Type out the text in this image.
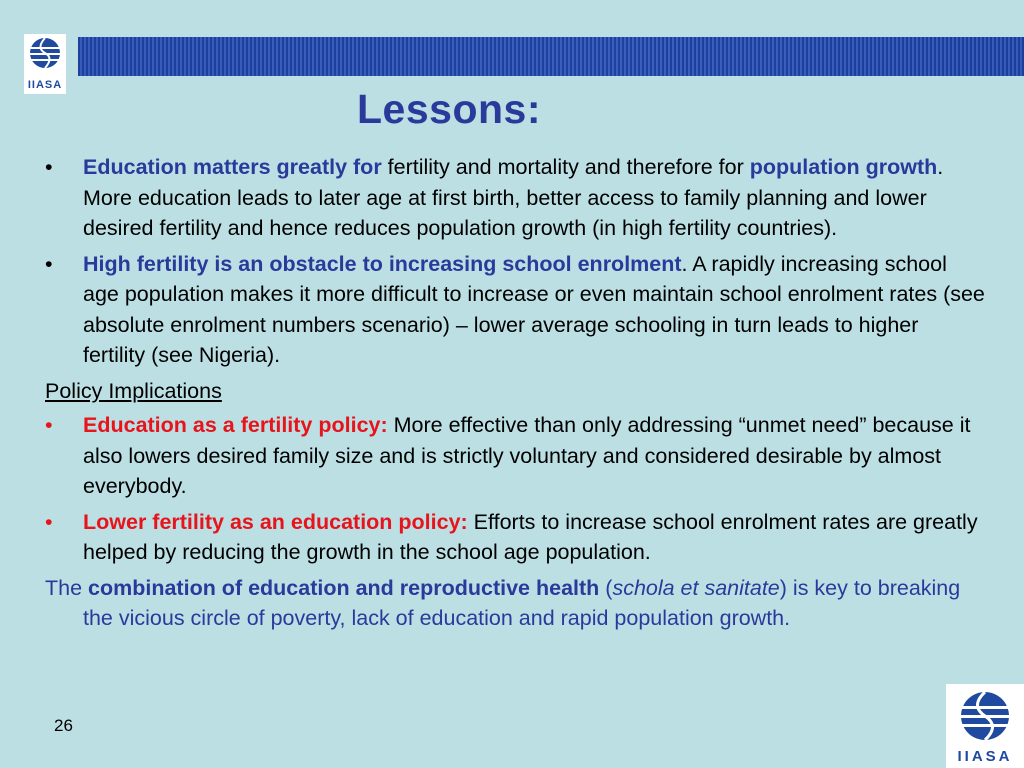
IIASA
Lessons:
•	Education matters greatly for fertility and mortality and therefore for population growth. More education leads to later age at first birth, better access to family planning and lower desired fertility and hence reduces population growth (in high fertility countries).
•	High fertility is an obstacle to increasing school enrolment. A rapidly increasing school age population makes it more difficult to increase or even maintain school enrolment rates (see absolute enrolment numbers scenario) – lower average schooling in turn leads to higher fertility (see Nigeria).
Policy Implications
•	Education as a fertility policy: More effective than only addressing “unmet need” because it also lowers desired family size and is strictly voluntary and considered desirable by almost everybody.
•	Lower fertility as an education policy: Efforts to increase school enrolment rates are greatly helped by reducing the growth in the school age population.
The combination of education and reproductive health (schola et sanitate) is key to breaking the vicious circle of poverty, lack of education and rapid population growth.
26
IIASA
